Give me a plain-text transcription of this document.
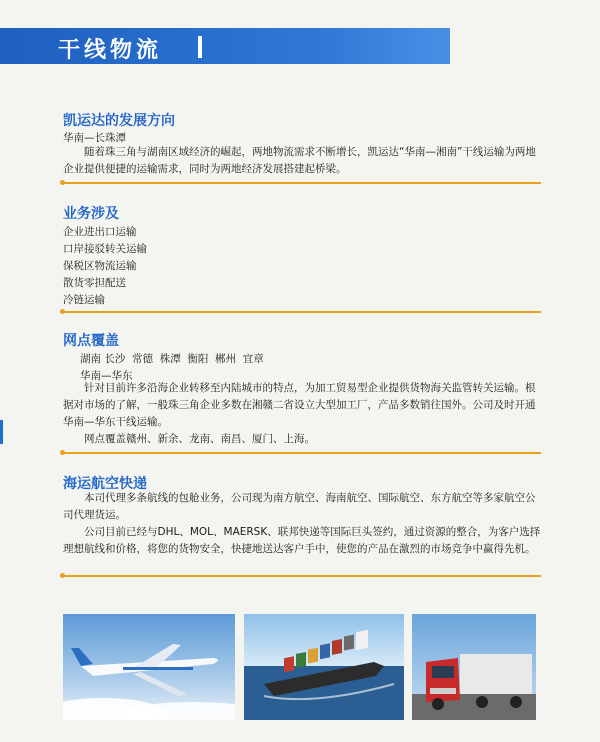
干线物流
凯运达的发展方向
华南—长珠潭
随着珠三角与湖南区域经济的崛起，两地物流需求不断增长，凯运达“华南—湘南”干线运输为两地企业提供便捷的运输需求，同时为两地经济发展搭建起桥梁。
业务涉及
企业进出口运输
口岸接驳转关运输
保税区物流运输
散货零担配送
冷链运输
网点覆盖
湖南 长沙  常德  株潭  衡阳  郴州  宜章
华南—华东
针对目前许多沿海企业转移至内陆城市的特点，为加工贸易型企业提供货物海关监管转关运输。根据对市场的了解，一般珠三角企业多数在湘赣二省设立大型加工厂，产品多数销往国外。公司及时开通华南—华东干线运输。
网点覆盖赣州、新余、龙南、南昌、厦门、上海。
海运航空快递
本司代理多条航线的包舱业务，公司现为南方航空、海南航空、国际航空、东方航空等多家航空公司代理货运。
公司目前已经与DHL、MOL、MAERSK、联邦快递等国际巨头签约，通过资源的整合，为客户选择理想航线和价格，将您的货物安全，快捷地送达客户手中，使您的产品在激烈的市场竞争中赢得先机。
